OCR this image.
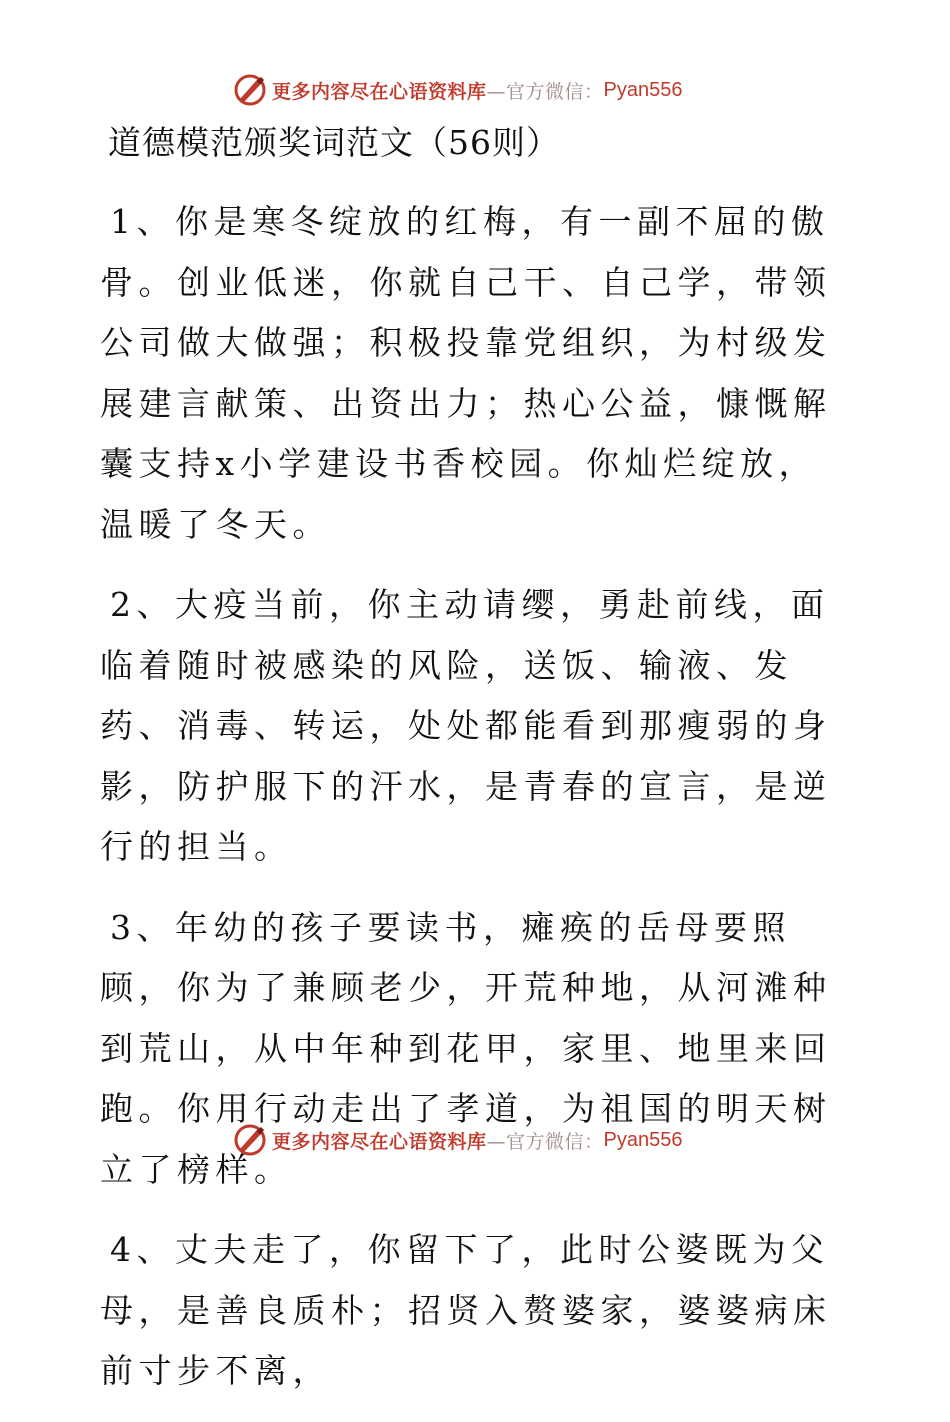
更多内容尽在心语资料库 —官方微信： Pyan556
道德模范颁奖词范文（56则）

1、你是寒冬绽放的红梅，有一副不屈的傲骨。创业低迷，你就自己干、自己学，带领公司做大做强；积极投靠党组织，为村级发展建言献策、出资出力；热心公益，慷慨解囊支持x小学建设书香校园。你灿烂绽放，温暖了冬天。

2、大疫当前，你主动请缨，勇赴前线，面临着随时被感染的风险，送饭、输液、发药、消毒、转运，处处都能看到那瘦弱的身影，防护服下的汗水，是青春的宣言，是逆行的担当。

3、年幼的孩子要读书，瘫痪的岳母要照顾，你为了兼顾老少，开荒种地，从河滩种到荒山，从中年种到花甲，家里、地里来回跑。你用行动走出了孝道，为祖国的明天树立了榜样。

4、丈夫走了，你留下了，此时公婆既为父母，是善良质朴；招贤入赘婆家，婆婆病床前寸步不离，

更多内容尽在心语资料库 —官方微信： Pyan556
